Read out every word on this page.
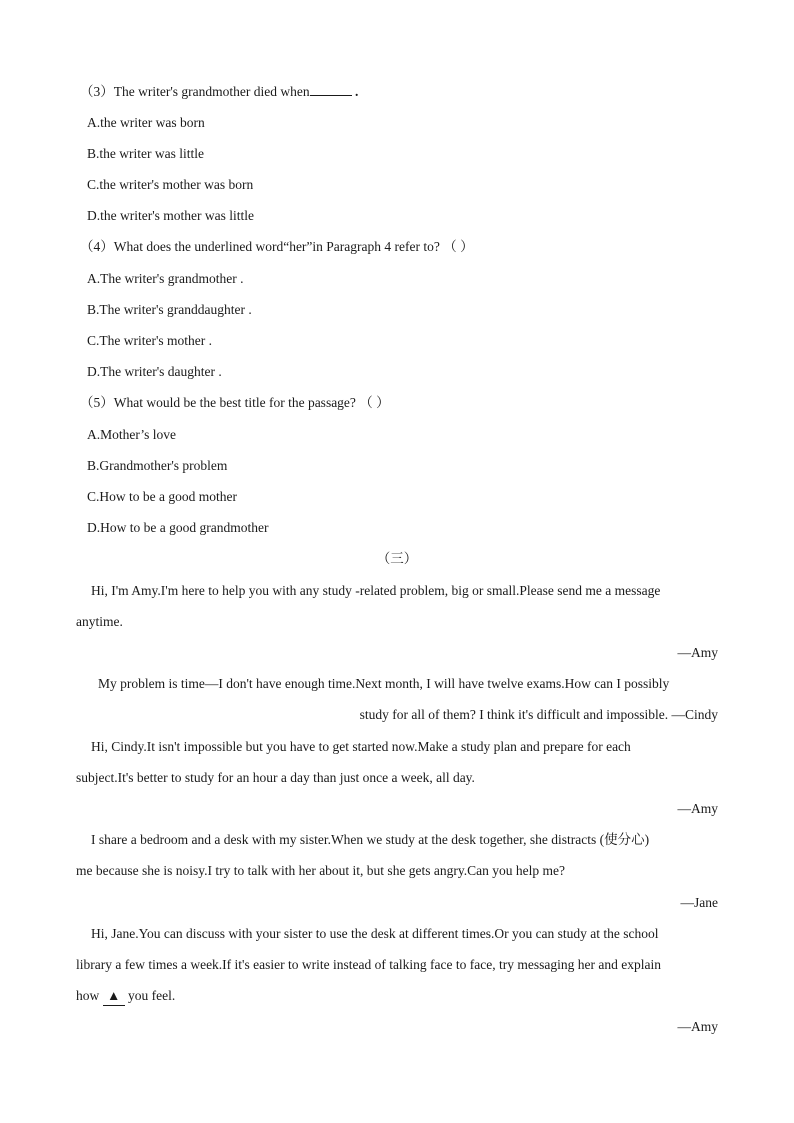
（3）The writer's grandmother died when	.
A.the writer was born
B.the writer was little
C.the writer's mother was born
D.the writer's mother was little
（4）What does the underlined word“her”in Paragraph 4 refer to? （ ）
A.The writer's grandmother .
B.The writer's granddaughter .
C.The writer's mother .
D.The writer's daughter .
（5）What would be the best title for the passage? （ ）
A.Mother’s love
B.Grandmother's problem
C.How to be a good mother
D.How to be a good grandmother
（三）
Hi, I'm Amy.I'm here to help you with any study -related problem, big or small.Please send me a message
anytime.
—Amy
My problem is time—I don't have enough time.Next month, I will have twelve exams.How can I possibly
study for all of them? I think it's difficult and impossible. —Cindy
Hi, Cindy.It isn't impossible but you have to get started now.Make a study plan and prepare for each
subject.It's better to study for an hour a day than just once a week, all day.
—Amy
I share a bedroom and a desk with my sister.When we study at the desk together, she distracts (使分心)
me because she is noisy.I try to talk with her about it, but she gets angry.Can you help me?
—Jane
Hi, Jane.You can discuss with your sister to use the desk at different times.Or you can study at the school
library a few times a week.If it's easier to write instead of talking face to face, try messaging her and explain
how ▲ you feel.
—Amy
